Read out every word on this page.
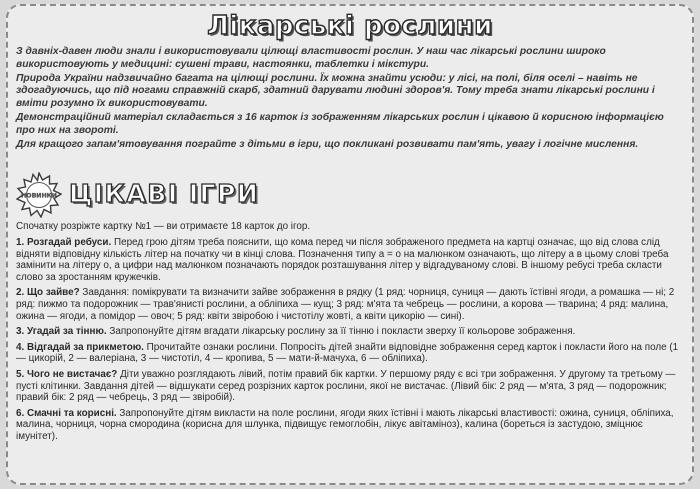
Лікарські рослини

З давніх-давен люди знали і використовували цілющі властивості рослин. У наш час лікарські рослини широко використовують у медицині: сушені трави, настоянки, таблетки і мікстури.

Природа України надзвичайно багата на цілющі рослини. Їх можна знайти усюди: у лісі, на полі, біля оселі – навіть не здогадуючись, що під ногами справжній скарб, здатний дарувати людині здоров'я. Тому треба знати лікарські рослини і вміти розумно їх використовувати.

Демонстраційний матеріал складається з 16 карток із зображенням лікарських рослин і цікавою й корисною інформацією про них на звороті.

Для кращого запам'ятовування пограйте з дітьми в ігри, що покликані розвивати пам'ять, увагу і логічне мислення.

НОВИНКИ ЦІКАВІ ІГРИ
Спочатку розріжте картку №1 — ви отримаєте 18 карток до ігор.
1. Розгадай ребуси. Перед грою дітям треба пояснити, що кома перед чи після зображеного предмета на картці означає, що від слова слід відняти відповідну кількість літер на початку чи в кінці слова. Позначення типу а = о на малюнком означають, що літеру а в цьому слові треба замінити на літеру о, а цифри над малюнком позначають порядок розташування літер у відгадуваному слові. В іншому ребусі треба скласти слово за зростанням кружечків.
2. Що зайве? Завдання: помікрувати та визначити зайве зображення в рядку (1 ряд: чорниця, суниця — дають їстівні ягоди, а ромашка — ні; 2 ряд: пижмо та подорожник — трав'янисті рослини, а обліпиха — кущ; 3 ряд: м'ята та чебрець — рослини, а корова — тварина; 4 ряд: малина, ожина — ягоди, а помідор — овоч; 5 ряд: квіти звіробою і чистотілу жовті, а квіти цикорію — сині).
3. Угадай за тінню. Запропонуйте дітям вгадати лікарську рослину за її тінню і покласти зверху її кольорове зображення.
4. Відгадай за прикметою. Прочитайте ознаки рослини. Попросіть дітей знайти відповідне зображення серед карток і покласти його на поле (1 — цикорій, 2 — валеріана, 3 — чистотіл, 4 — кропива, 5 — мати-й-мачуха, 6 — обліпиха).
5. Чого не вистачає? Діти уважно розглядають лівий, потім правий бік картки. У першому ряду є всі три зображення. У другому та третьому — пусті клітинки. Завдання дітей — відшукати серед розрізних карток рослини, якої не вистачає. (Лівий бік: 2 ряд — м'ята, 3 ряд — подорожник; правий бік: 2 ряд — чебрець, 3 ряд — звіробій).
6. Смачні та корисні. Запропонуйте дітям викласти на поле рослини, ягоди яких їстівні і мають лікарські властивості: ожина, суниця, обліпиха, малина, чорниця, чорна смородина (корисна для шлунка, підвищує гемоглобін, лікує авітаміноз), калина (бореться із застудою, зміцнює імунітет).
